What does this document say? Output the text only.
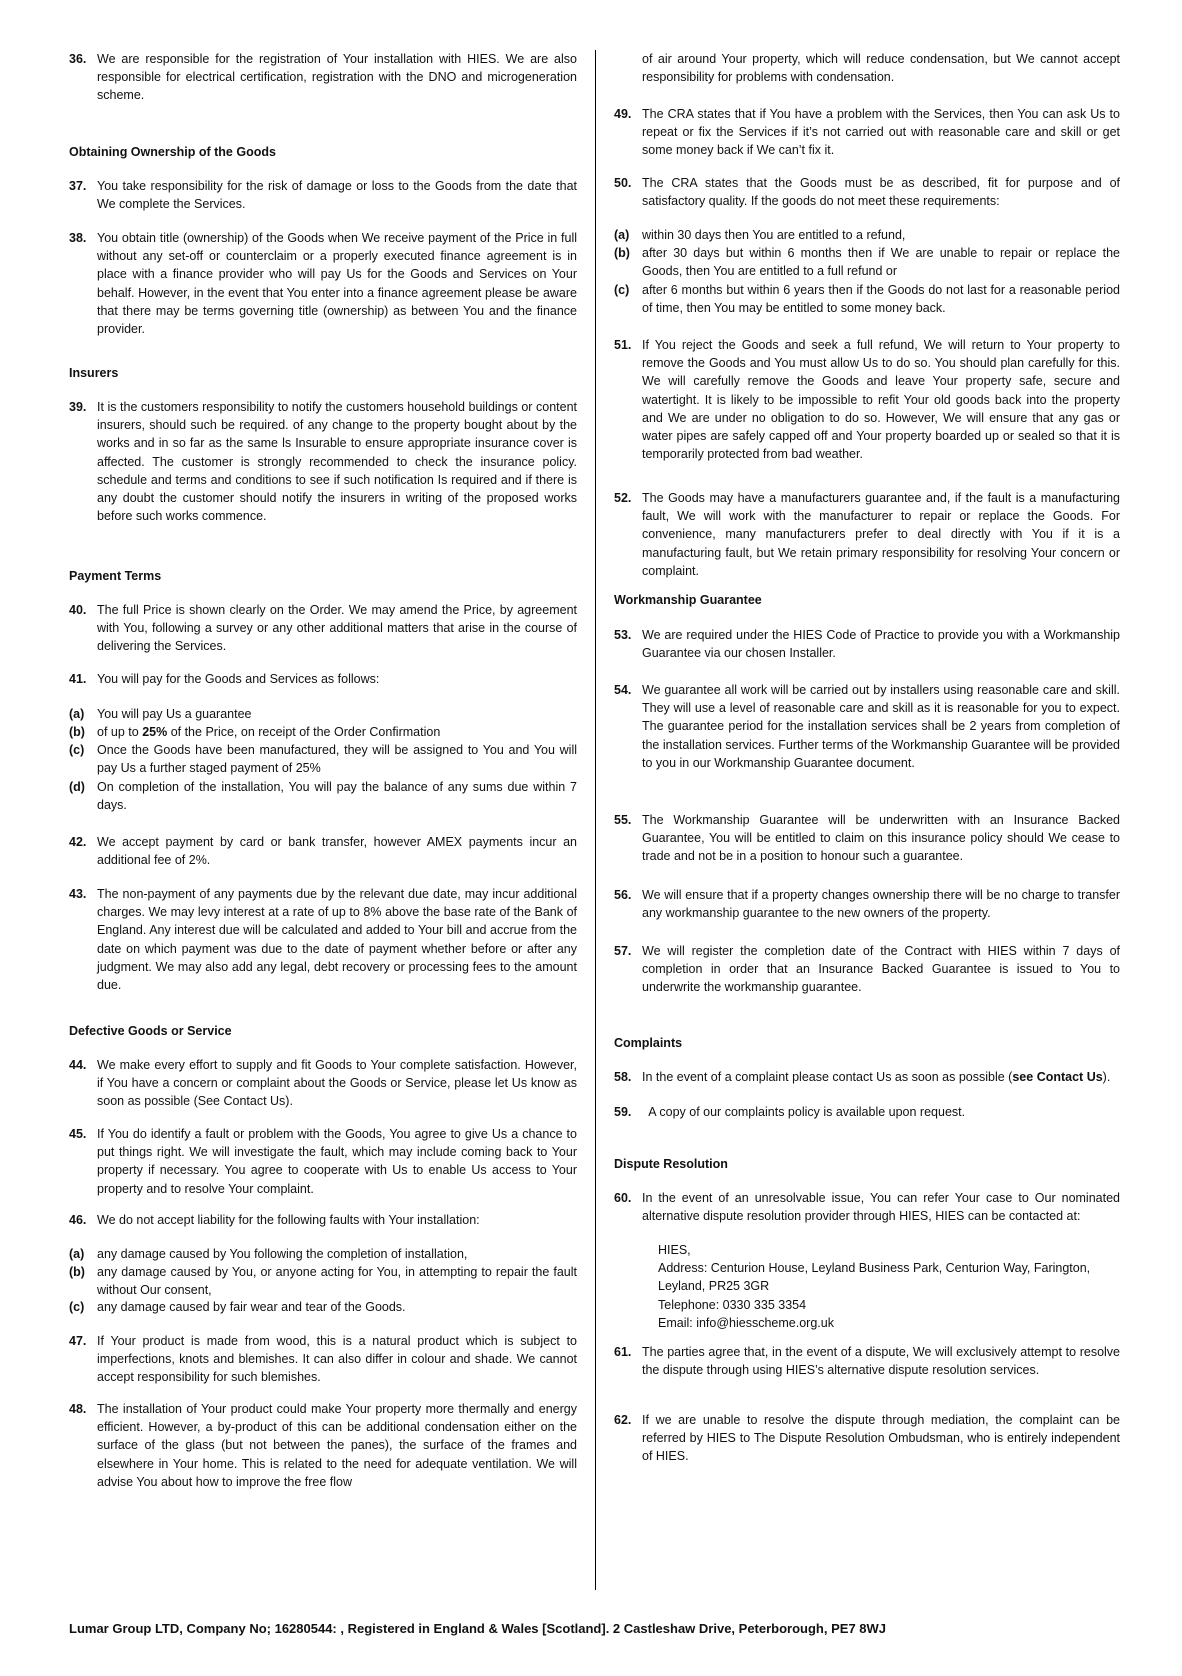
36. We are responsible for the registration of Your installation with HIES. We are also responsible for electrical certification, registration with the DNO and microgeneration scheme.
Obtaining Ownership of the Goods
37. You take responsibility for the risk of damage or loss to the Goods from the date that We complete the Services.
38. You obtain title (ownership) of the Goods when We receive payment of the Price in full without any set-off or counterclaim or a properly executed finance agreement is in place with a finance provider who will pay Us for the Goods and Services on Your behalf. However, in the event that You enter into a finance agreement please be aware that there may be terms governing title (ownership) as between You and the finance provider.
Insurers
39. It is the customers responsibility to notify the customers household buildings or content insurers, should such be required. of any change to the property bought about by the works and in so far as the same ls Insurable to ensure appropriate insurance cover is affected. The customer is strongly recommended to check the insurance policy. schedule and terms and conditions to see if such notification Is required and if there is any doubt the customer should notify the insurers in writing of the proposed works before such works commence.
Payment Terms
40. The full Price is shown clearly on the Order. We may amend the Price, by agreement with You, following a survey or any other additional matters that arise in the course of delivering the Services.
41. You will pay for the Goods and Services as follows:
(a) You will pay Us a guarantee
(b) of up to 25% of the Price, on receipt of the Order Confirmation
(c) Once the Goods have been manufactured, they will be assigned to You and You will pay Us a further staged payment of 25%
(d) On completion of the installation, You will pay the balance of any sums due within 7 days.
42. We accept payment by card or bank transfer, however AMEX payments incur an additional fee of 2%.
43. The non-payment of any payments due by the relevant due date, may incur additional charges. We may levy interest at a rate of up to 8% above the base rate of the Bank of England. Any interest due will be calculated and added to Your bill and accrue from the date on which payment was due to the date of payment whether before or after any judgment. We may also add any legal, debt recovery or processing fees to the amount due.
Defective Goods or Service
44. We make every effort to supply and fit Goods to Your complete satisfaction. However, if You have a concern or complaint about the Goods or Service, please let Us know as soon as possible (See Contact Us).
45. If You do identify a fault or problem with the Goods, You agree to give Us a chance to put things right. We will investigate the fault, which may include coming back to Your property if necessary. You agree to cooperate with Us to enable Us access to Your property and to resolve Your complaint.
46. We do not accept liability for the following faults with Your installation:
(a) any damage caused by You following the completion of installation,
(b) any damage caused by You, or anyone acting for You, in attempting to repair the fault without Our consent,
(c) any damage caused by fair wear and tear of the Goods.
47. If Your product is made from wood, this is a natural product which is subject to imperfections, knots and blemishes. It can also differ in colour and shade. We cannot accept responsibility for such blemishes.
48. The installation of Your product could make Your property more thermally and energy efficient. However, a by-product of this can be additional condensation either on the surface of the glass (but not between the panes), the surface of the frames and elsewhere in Your home. This is related to the need for adequate ventilation. We will advise You about how to improve the free flow
of air around Your property, which will reduce condensation, but We cannot accept responsibility for problems with condensation.
49. The CRA states that if You have a problem with the Services, then You can ask Us to repeat or fix the Services if it’s not carried out with reasonable care and skill or get some money back if We can’t fix it.
50. The CRA states that the Goods must be as described, fit for purpose and of satisfactory quality. If the goods do not meet these requirements:
(a) within 30 days then You are entitled to a refund,
(b) after 30 days but within 6 months then if We are unable to repair or replace the Goods, then You are entitled to a full refund or
(c) after 6 months but within 6 years then if the Goods do not last for a reasonable period of time, then You may be entitled to some money back.
51. If You reject the Goods and seek a full refund, We will return to Your property to remove the Goods and You must allow Us to do so. You should plan carefully for this. We will carefully remove the Goods and leave Your property safe, secure and watertight. It is likely to be impossible to refit Your old goods back into the property and We are under no obligation to do so. However, We will ensure that any gas or water pipes are safely capped off and Your property boarded up or sealed so that it is temporarily protected from bad weather.
52. The Goods may have a manufacturers guarantee and, if the fault is a manufacturing fault, We will work with the manufacturer to repair or replace the Goods. For convenience, many manufacturers prefer to deal directly with You if it is a manufacturing fault, but We retain primary responsibility for resolving Your concern or complaint.
Workmanship Guarantee
53. We are required under the HIES Code of Practice to provide you with a Workmanship Guarantee via our chosen Installer.
54. We guarantee all work will be carried out by installers using reasonable care and skill. They will use a level of reasonable care and skill as it is reasonable for you to expect. The guarantee period for the installation services shall be 2 years from completion of the installation services. Further terms of the Workmanship Guarantee will be provided to you in our Workmanship Guarantee document.
55. The Workmanship Guarantee will be underwritten with an Insurance Backed Guarantee, You will be entitled to claim on this insurance policy should We cease to trade and not be in a position to honour such a guarantee.
56. We will ensure that if a property changes ownership there will be no charge to transfer any workmanship guarantee to the new owners of the property.
57. We will register the completion date of the Contract with HIES within 7 days of completion in order that an Insurance Backed Guarantee is issued to You to underwrite the workmanship guarantee.
Complaints
58. In the event of a complaint please contact Us as soon as possible (see Contact Us).
59. A copy of our complaints policy is available upon request.
Dispute Resolution
60. In the event of an unresolvable issue, You can refer Your case to Our nominated alternative dispute resolution provider through HIES, HIES can be contacted at:
HIES,
Address: Centurion House, Leyland Business Park, Centurion Way, Farington, Leyland, PR25 3GR
Telephone: 0330 335 3354
Email: info@hiesscheme.org.uk
61. The parties agree that, in the event of a dispute, We will exclusively attempt to resolve the dispute through using HIES’s alternative dispute resolution services.
62. If we are unable to resolve the dispute through mediation, the complaint can be referred by HIES to The Dispute Resolution Ombudsman, who is entirely independent of HIES.
Lumar Group LTD, Company No; 16280544: , Registered in England & Wales [Scotland]. 2 Castleshaw Drive, Peterborough, PE7 8WJ
